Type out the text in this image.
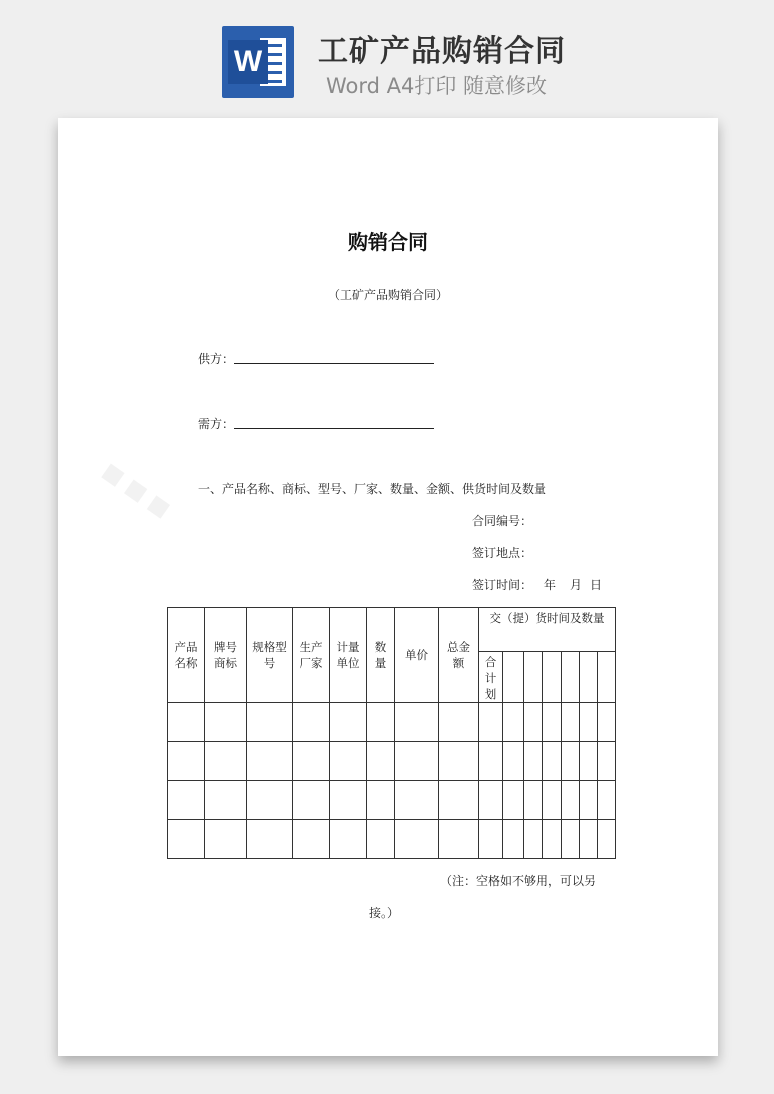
W 工矿产品购销合同
Word A4打印 随意修改
■ ■ ■
购销合同
（工矿产品购销合同）
供方：
需方：
一、产品名称、商标、型号、厂家、数量、金额、供货时间及数量
合同编号：
签订地点：
签订时间： 年 月 日
产品名称	牌号商标	规格型号	生产厂家	计量单位	数量	单价	总金额	交（提）货时间及数量						
								合计划						

（注：空格如不够用，可以另
接。）
